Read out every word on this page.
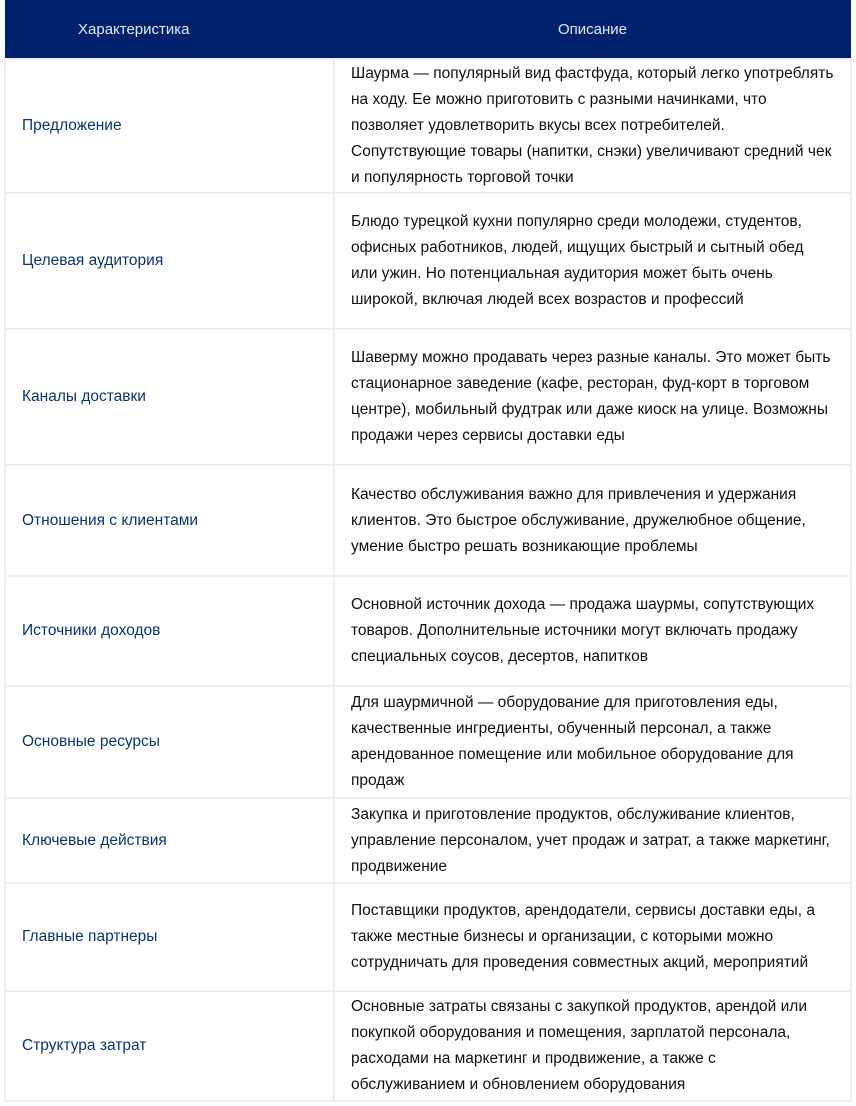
Характеристика	Описание
Предложение	Шаурма — популярный вид фастфуда, который легко употреблять на ходу. Ее можно приготовить с разными начинками, что позволяет удовлетворить вкусы всех потребителей. Сопутствующие товары (напитки, снэки) увеличивают средний чек и популярность торговой точки
Целевая аудитория	Блюдо турецкой кухни популярно среди молодежи, студентов, офисных работников, людей, ищущих быстрый и сытный обед или ужин. Но потенциальная аудитория может быть очень широкой, включая людей всех возрастов и профессий
Каналы доставки	Шаверму можно продавать через разные каналы. Это может быть стационарное заведение (кафе, ресторан, фуд-корт в торговом центре), мобильный фудтрак или даже киоск на улице. Возможны продажи через сервисы доставки еды
Отношения с клиентами	Качество обслуживания важно для привлечения и удержания клиентов. Это быстрое обслуживание, дружелюбное общение, умение быстро решать возникающие проблемы
Источники доходов	Основной источник дохода — продажа шаурмы, сопутствующих товаров. Дополнительные источники могут включать продажу специальных соусов, десертов, напитков
Основные ресурсы	Для шаурмичной — оборудование для приготовления еды, качественные ингредиенты, обученный персонал, а также арендованное помещение или мобильное оборудование для продаж
Ключевые действия	Закупка и приготовление продуктов, обслуживание клиентов, управление персоналом, учет продаж и затрат, а также маркетинг, продвижение
Главные партнеры	Поставщики продуктов, арендодатели, сервисы доставки еды, а также местные бизнесы и организации, с которыми можно сотрудничать для проведения совместных акций, мероприятий
Структура затрат	Основные затраты связаны с закупкой продуктов, арендой или покупкой оборудования и помещения, зарплатой персонала, расходами на маркетинг и продвижение, а также с обслуживанием и обновлением оборудования
